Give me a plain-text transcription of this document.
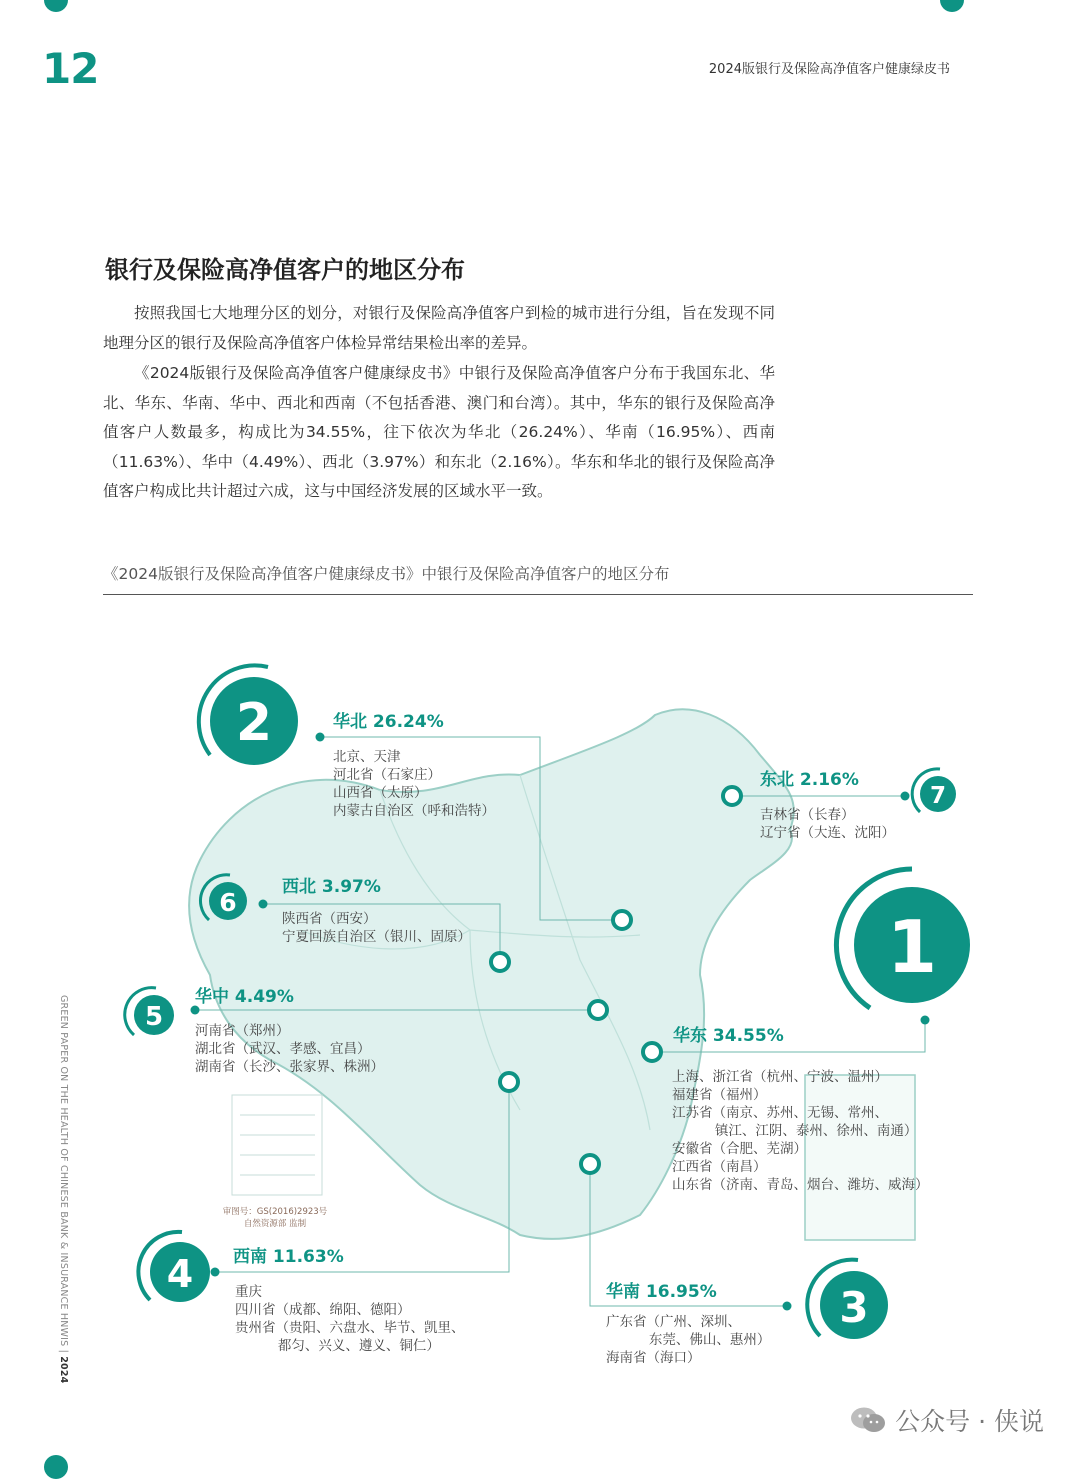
12	2024版银行及保险高净值客户健康绿皮书
银行及保险高净值客户的地区分布

按照我国七大地理分区的划分，对银行及保险高净值客户到检的城市进行分组，旨在发现不同地理分区的银行及保险高净值客户体检异常结果检出率的差异。

《2024版银行及保险高净值客户健康绿皮书》中银行及保险高净值客户分布于我国东北、华北、华东、华南、华中、西北和西南（不包括香港、澳门和台湾）。其中，华东的银行及保险高净值客户人数最多，构成比为34.55%，往下依次为华北（26.24%）、华南（16.95%）、西南（11.63%）、华中（4.49%）、西北（3.97%）和东北（2.16%）。华东和华北的银行及保险高净值客户构成比共计超过六成，这与中国经济发展的区域水平一致。

《2024版银行及保险高净值客户健康绿皮书》中银行及保险高净值客户的地区分布
GREEN PAPER ON THE HEALTH OF CHINESE BANK & INSURANCE HNWIS | 2024
2
1
3
4
5
6
7
审图号：GS(2016)2923号
自然资源部 监制
华北 26.24%
北京、天津
河北省（石家庄）
山西省（太原）
内蒙古自治区（呼和浩特）
东北 2.16%
吉林省（长春）
辽宁省（大连、沈阳）
西北 3.97%
陕西省（西安）
宁夏回族自治区（银川、固原）
华中 4.49%
河南省（郑州）
湖北省（武汉、孝感、宜昌）
湖南省（长沙、张家界、株洲）
华东 34.55%
上海、浙江省（杭州、宁波、温州）
福建省（福州）
江苏省（南京、苏州、无锡、常州、
镇江、江阴、泰州、徐州、南通）
安徽省（合肥、芜湖）
江西省（南昌）
山东省（济南、青岛、烟台、潍坊、威海）
西南 11.63%
重庆
四川省（成都、绵阳、德阳）
贵州省（贵阳、六盘水、毕节、凯里、
都匀、兴义、遵义、铜仁）
华南 16.95%
广东省（广州、深圳、
东莞、佛山、惠州）
海南省（海口）
公众号 · 侠说
